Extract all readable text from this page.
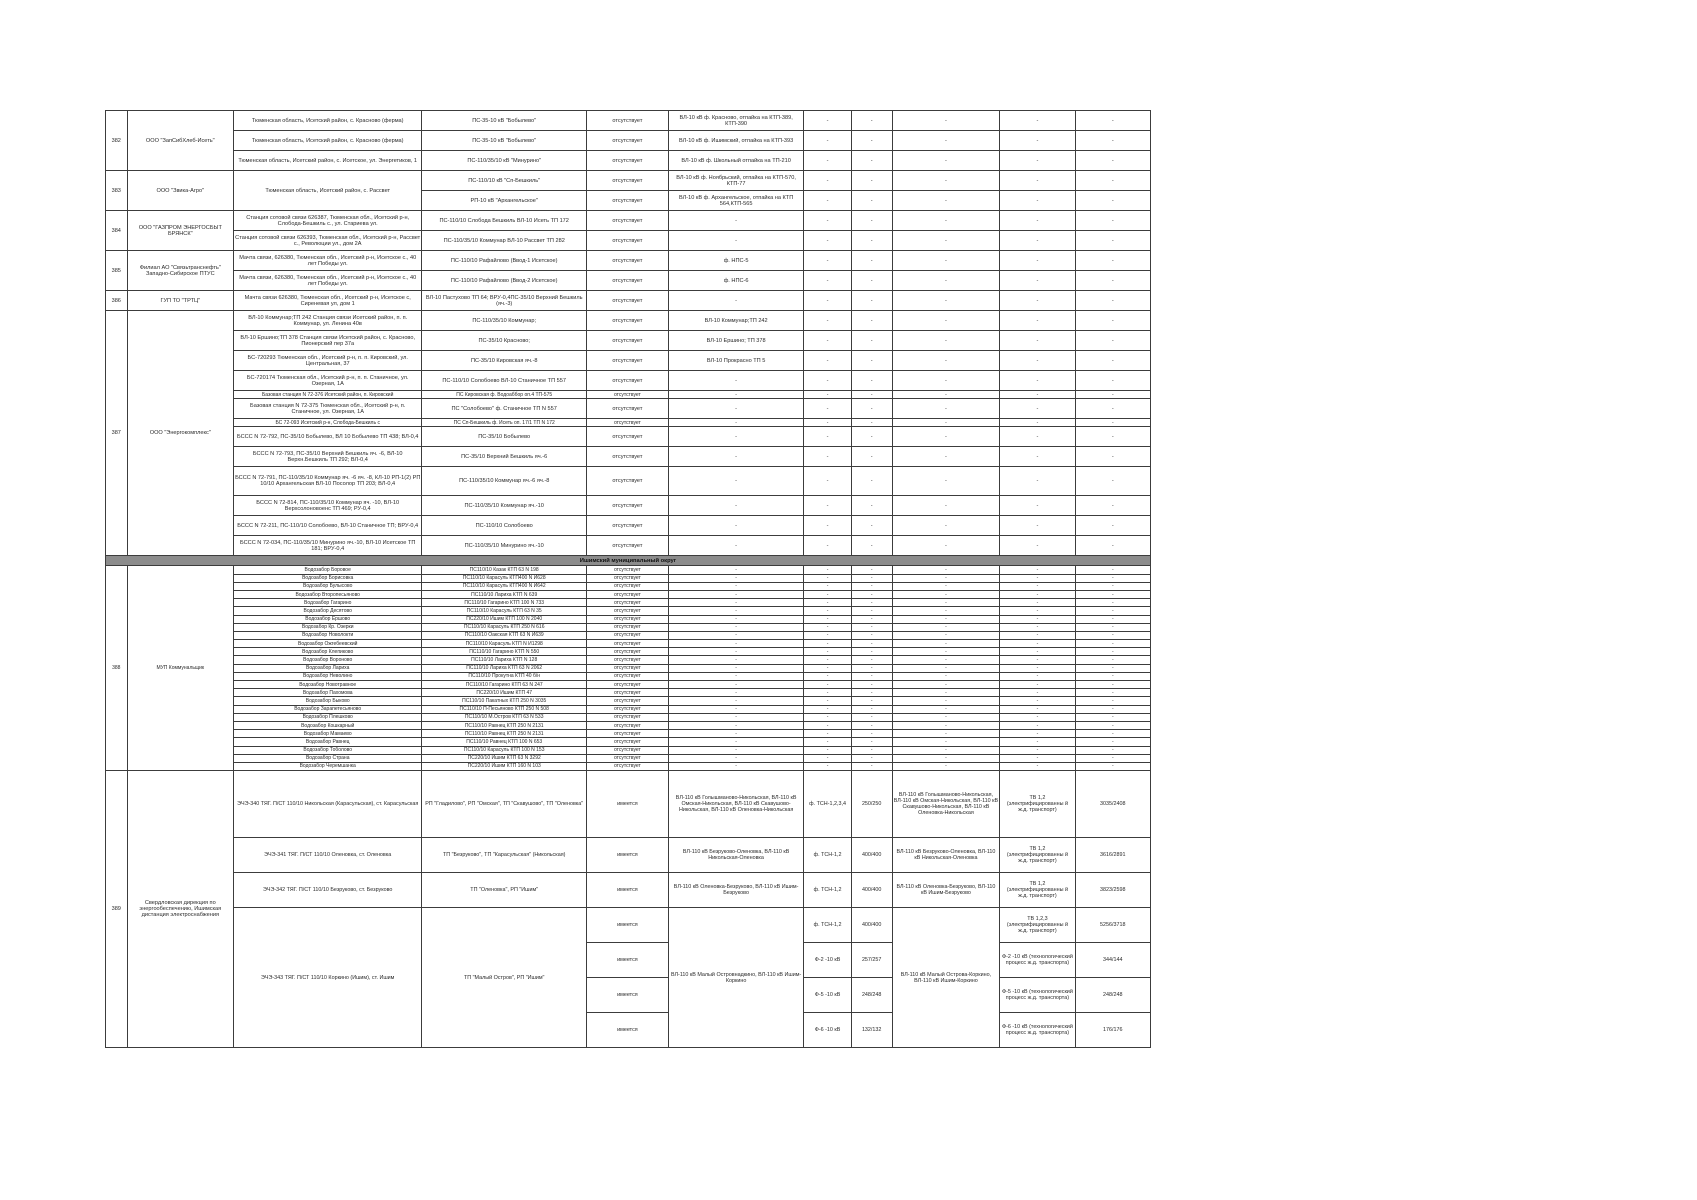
382	ООО "ЗапСибХлеб-Исеть"	Тюменская область, Исетский район, с. Красново (ферма)	ПС-35-10 кВ "Бобылево"	отсутствует	ВЛ-10 кВ ф. Красново, отпайка на КТП-389, КТП-390	-	-	-	-	-
		Тюменская область, Исетский район, с. Красново (ферма)	ПС-35-10 кВ "Бобылево"	отсутствует	ВЛ-10 кВ ф. Ишимский, отпайка на КТП-393	-	-	-	-	-
		Тюменская область, Исетский район, с. Исетское, ул. Энергетиков, 1	ПС-110/35/10 кВ "Минурино"	отсутствует	ВЛ-10 кВ ф. Школьный отпайка на ТП-210	-	-	-	-	-
383	ООО "Звика-Агро"	Тюменская область, Исетский район, с. Рассвет	ПС-110/10 кВ "Сп-Бешкиль"	отсутствует	ВЛ-10 кВ ф. Ноябрьский, отпайка на КТП-570, КТП-77	-	-	-	-	-
			РП-10 кВ "Архангельское"	отсутствует	ВЛ-10 кВ ф. Архангельское, отпайка на КТП 564,КТП-565	-	-	-	-	-
384	ООО "ГАЗПРОМ ЭНЕРГОСБЫТ БРЯНСК"	Станция сотовой связи 626387, Тюменская обл., Исетский р-н, Слобода-Бешкиль с., ул. Стариева ул.	ПС-110/10 Слобода Бешкиль ВЛ-10 Исеть ТП 172	отсутствует	-	-	-	-	-	-
		Станция сотовой связи 626393, Тюменская обл., Исетский р-н, Рассвет с., Революции ул., дом 2А	ПС-110/35/10 Коммунар ВЛ-10 Рассвет ТП 282	отсутствует	-	-	-	-	-	-
385	Филиал АО "Связьтранснефть" Западно-Сибирское ПТУС	Мачта связи, 626380, Тюменская обл., Исетский р-н, Исетское с., 40 лет Победы ул.	ПС-110/10 Рафайлово (Ввод-1 Исетское)	отсутствует	ф. НПС-5	-	-	-	-	-
		Мачта связи, 626380, Тюменская обл., Исетский р-н, Исетское с., 40 лет Победы ул.	ПС-110/10 Рафайлово (Ввод-2 Исетское)	отсутствует	ф. НПС-6	-	-	-	-	-
386	ГУП ТО "ТРТЦ"	Мачта связи 626380, Тюменская обл., Исетский р-н, Исетское с, Сиреневая ул, дом 1	ВЛ-10 Пастухово ТП 64; ВРУ-0,4ПС-35/10 Верхний Бешкиль (яч.-3)	отсутствует	-	-	-	-	-	-
387	ООО "Энергокомплекс"	ВЛ-10 Коммунар;ТП 242 Станция связи Исетский район, п. п. Коммунар, ул. Ленина 40в	ПС-110/35/10 Коммунар;	отсутствует	ВЛ-10 Коммунар;ТП 242	-	-	-	-	-
		ВЛ-10 Ершино;ТП 378 Станция связи Исетский район, с. Красново, Пионерский пер 37а	ПС-35/10 Красново;	отсутствует	ВЛ-10 Ершино; ТП 378	-	-	-	-	-
		БС-720293 Тюменская обл., Исетский р-н, п. п. Кировский, ул. Центральная, 37	ПС-35/10 Кировская яч.-8	отсутствует	ВЛ-10 Прокрасно ТП 5	-	-	-	-	-
		БС-720174 Тюменская обл., Исетский р-н, п. п. Станичное, ул. Озерная, 1А	ПС-110/10 Солобоево ВЛ-10 Станичное ТП 557	отсутствует	-	-	-	-	-	-
		Базовая станция N 72-376 Исетский район, п. Кировский	ПС Кировская ф. Водоаббор оп.4 ТП-575	отсутствует	-	-	-	-	-	-
		Базовая станция N 72-375 Тюменская обл., Исетский р-н, п. Станичное, ул. Озерная, 1А	ПС "Солобоево" ф. Станичное ТП N 557	отсутствует	-	-	-	-	-	-
		БС 72-093 Исетский р-н, Слобода-Бешкиль с	ПС Сп-Бешкиль ф. Исеть оп. 17/1 ТП N 172	отсутствует	-	-	-	-	-	-
		БССС N 72-792, ПС-35/10 Бобылево, ВЛ 10 Бобылево ТП 438; ВЛ-0,4	ПС-35/10 Бобылево	отсутствует	-	-	-	-	-	-
		БССС N 72-793, ПС-35/10 Верхний Бешкиль яч. -6, ВЛ-10 Верхн.Бешкиль ТП 292; ВЛ-0,4	ПС-35/10 Верхний Бешкиль яч.-6	отсутствует	-	-	-	-	-	-
		БССС N 72-791, ПС-110/35/10 Коммунар яч. -6 яч. -8, КЛ-10 РП-1(2) РП 10/10 Архангельская ВЛ-10 Посолор ТП 203; ВЛ-0,4	ПС-110/35/10 Коммунар яч.-6 яч.-8	отсутствует	-	-	-	-	-	-
		БССС N 72-814, ПС-110/35/10 Коммунар яч. -10, ВЛ-10 Верхсолоновоенс ТП 469; РУ-0,4	ПС-110/35/10 Коммунар яч.-10	отсутствует	-	-	-	-	-	-
		БССС N 72-211, ПС-110/10 Солобоево, ВЛ-10 Станичное ТП; ВРУ-0,4	ПС-110/10 Солобоево	отсутствует	-	-	-	-	-	-
		БССС N 72-034, ПС-110/35/10 Минурино яч.-10, ВЛ-10 Исетское ТП 181; ВРУ-0,4	ПС-110/35/10 Минурино яч.-10	отсутствует	-	-	-	-	-	-
Ишимский муниципальный округ										
388	МУП Коммунальщик	Водозабор Боровое	ПС110/10 Казак КТП 63 N 198	отсутствует	-	-	-	-	-	-
		Водозабор Борисовка	ПС110/10 Карасуль КТП400 N И628	отсутствует	-	-	-	-	-	-
		Водозабор Булысово	ПС110/10 Карасуль КТП400 N И642	отсутствует	-	-	-	-	-	-
		Водозабор Второпесьяново	ПС110/10 Лариха КТП N 639	отсутствует	-	-	-	-	-	-
		Водозабор Гагарино	ПС110/10 Гагарино КТП 100 N 733	отсутствует	-	-	-	-	-	-
		Водозабор Десятово	ПС110/10 Карасуль КТП 63 N 35	отсутствует	-	-	-	-	-	-
		Водозабор Ершово	ПС220/10 Ишим КТП 100 N 2040	отсутствует	-	-	-	-	-	-
		Водозабор Кр. Озерки	ПС110/10 Карасуль КТП 250 N 616	отсутствует	-	-	-	-	-	-
		Водозабор Новолокти	ПС110/10 Оакская КТП 63 N И639	отсутствует	-	-	-	-	-	-
		Водозабор Ожгебеевский	ПС110/10 Карасуль КТП N И1298	отсутствует	-	-	-	-	-	-
		Водозабор Клепиково	ПС110/10 Гагарино КТП N 550	отсутствует	-	-	-	-	-	-
		Водозабор Вороново	ПС110/10 Лариха КТП N 128	отсутствует	-	-	-	-	-	-
		Водозабор Лариха	ПС110/10 Лариха КТП 63 N 2062	отсутствует	-	-	-	-	-	-
		Водозабор Неволино	ПС110/10 Прокутна КТП 40 б/н	отсутствует	-	-	-	-	-	-
		Водозабор Новотравное	ПС110/10 Гагарино КТП 63 N 247	отсутствует	-	-	-	-	-	-
		Водозабор Пахомова	ПС220/10 Ишим КТП 47	отсутствует	-	-	-	-	-	-
		Водозабор Быково	ПС110/10 Пакатных КТП 250 N 3035	отсутствует	-	-	-	-	-	-
		Водозабор Зарапетесьяново	ПС110/10 П-Песьяново КТП 250 N 508	отсутствует	-	-	-	-	-	-
		Водозабор Плешково	ПС110/10 М.Остров КТП 63 N 533	отсутствует	-	-	-	-	-	-
		Водозабор Кошкарный	ПС110/10 Равнец КТП 250 N 2131	отсутствует	-	-	-	-	-	-
		Водозабор Мамаево	ПС110/10 Равнец КТП 250 N 2131	отсутствует	-	-	-	-	-	-
		Водозабор Равнец	ПС110/10 Равнец КТП 100 N 653	отсутствует	-	-	-	-	-	-
		Водозабор Тоболово	ПС110/10 Карасуль КТП 100 N 153	отсутствует	-	-	-	-	-	-
		Водозабор Страна	ПС220/10 Ишим КТП 63 N 3292	отсутствует	-	-	-	-	-	-
		Водозабор Черемшанка	ПС220/10 Ишим КТП 160 N 103	отсутствует	-	-	-	-	-	-
389	Свердловская дирекция по энергообеспечению, Ишимская дистанция электроснабжения	ЭЧЭ-340 ТЯГ. П/СТ 110/10 Никольская (Карасульская), ст. Карасульская	РП "Гладилово", РП "Омская", ТП "Скавушово", ТП "Оленовка"	имеется	ВЛ-110 кВ Голышманово-Никольская, ВЛ-110 кВ Омская-Никольская, ВЛ-110 кВ Скавушово-Никольская, ВЛ-110 кВ Оленовка-Никольская	ф. ТСН-1,2,3,4	250/250	ВЛ-110 кВ Голышманово-Никольская, ВЛ-110 кВ Омская-Никольская, ВЛ-110 кВ Скавушово-Никольская, ВЛ-110 кВ Оленовка-Никольская	ТВ 1,2 (электрифицированны й ж.д. транспорт)	3035/2408
		ЭЧЭ-341 ТЯГ. П/СТ 110/10 Оленовка, ст. Оленовка	ТП "Безруково", ТП "Карасульская" (Никольская)	имеется	ВЛ-110 кВ Безруково-Оленовка, ВЛ-110 кВ Никольская-Оленовка	ф. ТСН-1,2	400/400	ВЛ-110 кВ Безруково-Оленовка, ВЛ-110 кВ Никольская-Оленовка	ТВ 1,2 (электрифицированны й ж.д. транспорт)	3616/2891
		ЭЧЭ-342 ТЯГ. П/СТ 110/10 Безруково, ст. Безруково	ТП "Оленовка", РП "Ишим"	имеется	ВЛ-110 кВ Оленовка-Безруково, ВЛ-110 кВ Ишим-Безруково	ф. ТСН-1,2	400/400	ВЛ-110 кВ Оленовка-Безруково, ВЛ-110 кВ Ишим-Безруково	ТВ 1,2 (электрифицированны й ж.д. транспорт)	3823/2598
		ЭЧЭ-343 ТЯГ. П/СТ 110/10 Коркино (Ишим), ст. Ишим	ТП "Малый Остров", РП "Ишим"	имеется	ВЛ-110 кВ Малый Островнадкино, ВЛ-110 кВ Ишим-Коркино	ф. ТСН-1,2	400/400	ВЛ-110 кВ Малый Острова-Коркино, ВЛ-110 кВ Ишим-Коркино	ТВ 1,2,3 (электрифицированны й ж.д. транспорт)	5256/3718
				имеется		Ф-2 -10 кВ	257/257		Ф-2 -10 кВ (технологический процесс ж.д. транспорта)	344/144
				имеется		Ф-5 -10 кВ	248/248		Ф-5 -10 кВ (технологический процесс ж.д. транспорта)	248/248
				имеется		Ф-6 -10 кВ	132/132		Ф-6 -10 кВ (технологический процесс ж.д. транспорта)	176/176
